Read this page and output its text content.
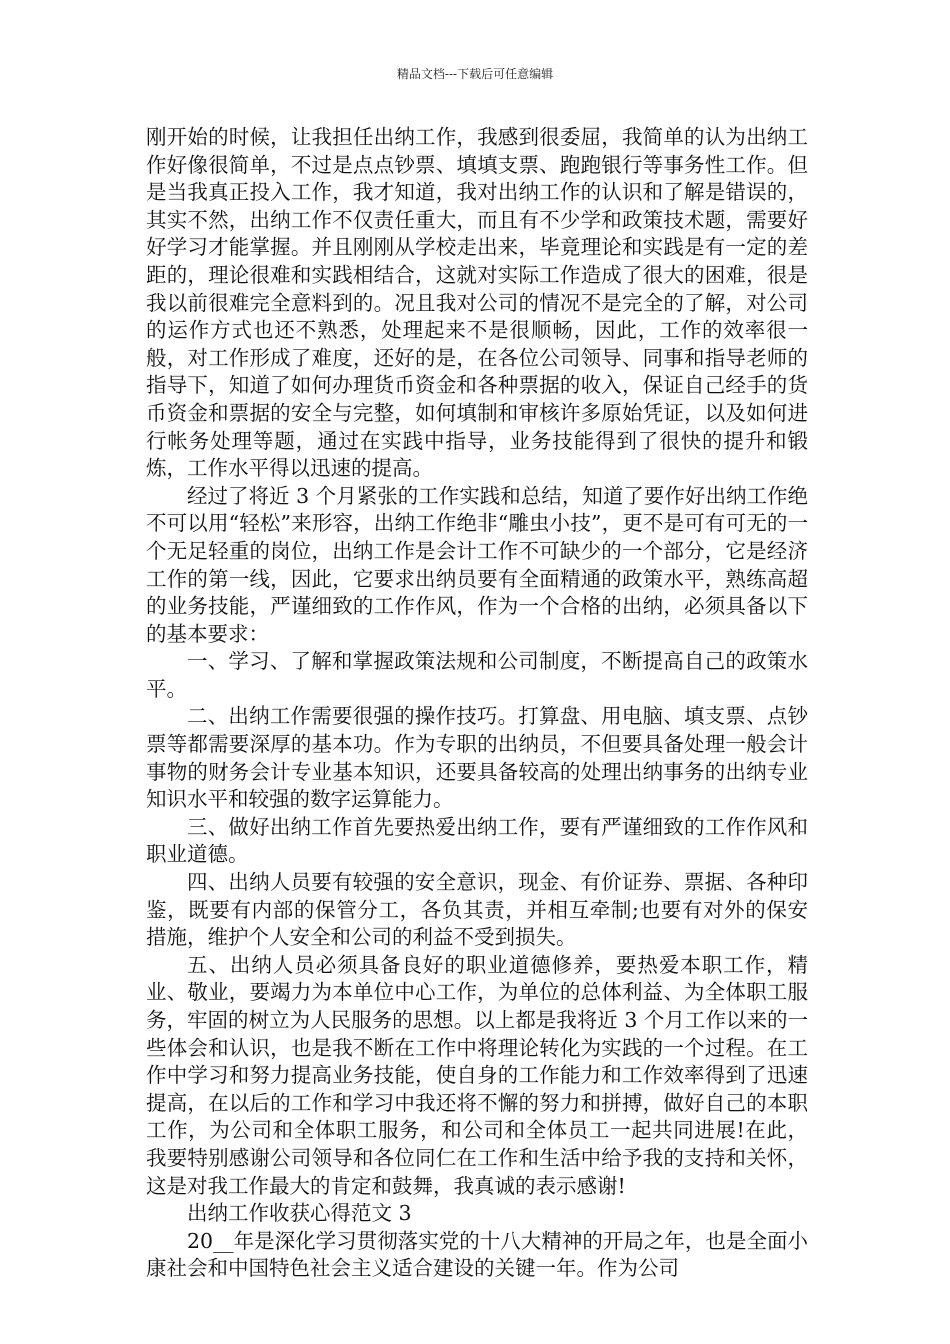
精品文档---下载后可任意编辑

刚开始的时候，让我担任出纳工作，我感到很委屈，我简单的认为出纳工作好像很简单，不过是点点钞票、填填支票、跑跑银行等事务性工作。但是当我真正投入工作，我才知道，我对出纳工作的认识和了解是错误的，其实不然，出纳工作不仅责任重大，而且有不少学和政策技术题，需要好好学习才能掌握。并且刚刚从学校走出来，毕竟理论和实践是有一定的差距的，理论很难和实践相结合，这就对实际工作造成了很大的困难，很是我以前很难完全意料到的。况且我对公司的情况不是完全的了解，对公司的运作方式也还不熟悉，处理起来不是很顺畅，因此，工作的效率很一般，对工作形成了难度，还好的是，在各位公司领导、同事和指导老师的指导下，知道了如何办理货币资金和各种票据的收入，保证自己经手的货币资金和票据的安全与完整，如何填制和审核许多原始凭证，以及如何进行帐务处理等题，通过在实践中指导，业务技能得到了很快的提升和锻炼，工作水平得以迅速的提高。

经过了将近 3 个月紧张的工作实践和总结，知道了要作好出纳工作绝不可以用“轻松”来形容，出纳工作绝非“雕虫小技”，更不是可有可无的一个无足轻重的岗位，出纳工作是会计工作不可缺少的一个部分，它是经济工作的第一线，因此，它要求出纳员要有全面精通的政策水平，熟练高超的业务技能，严谨细致的工作作风，作为一个合格的出纳，必须具备以下的基本要求：

一、学习、了解和掌握政策法规和公司制度，不断提高自己的政策水平。

二、出纳工作需要很强的操作技巧。打算盘、用电脑、填支票、点钞票等都需要深厚的基本功。作为专职的出纳员，不但要具备处理一般会计事物的财务会计专业基本知识，还要具备较高的处理出纳事务的出纳专业知识水平和较强的数字运算能力。

三、做好出纳工作首先要热爱出纳工作，要有严谨细致的工作作风和职业道德。

四、出纳人员要有较强的安全意识，现金、有价证券、票据、各种印鉴，既要有内部的保管分工，各负其责，并相互牵制;也要有对外的保安措施，维护个人安全和公司的利益不受到损失。

五、出纳人员必须具备良好的职业道德修养，要热爱本职工作，精业、敬业，要竭力为本单位中心工作，为单位的总体利益、为全体职工服务，牢固的树立为人民服务的思想。以上都是我将近 3 个月工作以来的一些体会和认识，也是我不断在工作中将理论转化为实践的一个过程。在工作中学习和努力提高业务技能，使自身的工作能力和工作效率得到了迅速提高，在以后的工作和学习中我还将不懈的努力和拼搏，做好自己的本职工作，为公司和全体职工服务，和公司和全体员工一起共同进展!在此，我要特别感谢公司领导和各位同仁在工作和生活中给予我的支持和关怀，这是对我工作最大的肯定和鼓舞，我真诚的表示感谢!

出纳工作收获心得范文 3

20__年是深化学习贯彻落实党的十八大精神的开局之年，也是全面小康社会和中国特色社会主义适合建设的关键一年。作为公司
